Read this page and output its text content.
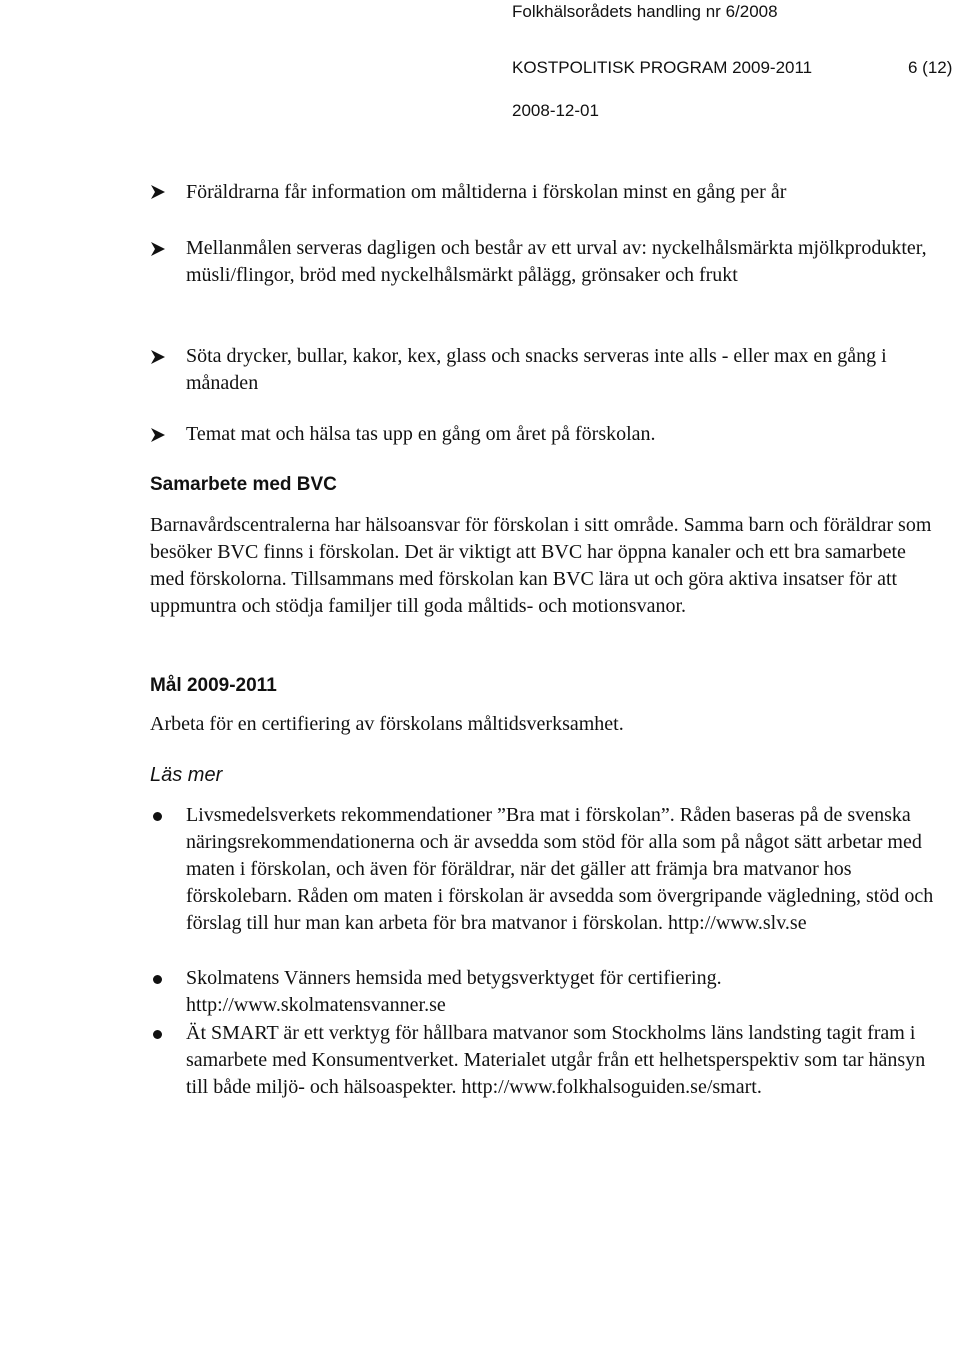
Folkhälsorådets handling nr 6/2008
KOSTPOLITISK PROGRAM 2009-2011	6 (12)
2008-12-01
Föräldrarna får information om måltiderna i förskolan minst en gång per år
Mellanmålen serveras dagligen och består av ett urval av: nyckelhålsmärkta mjölkprodukter, müsli/flingor, bröd med nyckelhålsmärkt pålägg, grönsaker och frukt
Söta drycker, bullar, kakor, kex, glass och snacks serveras inte alls - eller max en gång i månaden
Temat mat och hälsa tas upp en gång om året på förskolan.
Samarbete med BVC
Barnavårdscentralerna har hälsoansvar för förskolan i sitt område. Samma barn och föräldrar som besöker BVC finns i förskolan. Det är viktigt att BVC har öppna kanaler och ett bra samarbete med förskolorna. Tillsammans med förskolan kan BVC lära ut och göra aktiva insatser för att uppmuntra och stödja familjer till goda måltids- och motionsvanor.
Mål 2009-2011
Arbeta för en certifiering av förskolans måltidsverksamhet.
Läs mer
Livsmedelsverkets rekommendationer ”Bra mat i förskolan”. Råden baseras på de svenska näringsrekommendationerna och är avsedda som stöd för alla som på något sätt arbetar med maten i förskolan, och även för föräldrar, när det gäller att främja bra matvanor hos förskolebarn. Råden om maten i förskolan är avsedda som övergripande vägledning, stöd och förslag till hur man kan arbeta för bra matvanor i förskolan. http://www.slv.se
Skolmatens Vänners hemsida med betygsverktyget för certifiering. http://www.skolmatensvanner.se
Ät SMART är ett verktyg för hållbara matvanor som Stockholms läns landsting tagit fram i samarbete med Konsumentverket. Materialet utgår från ett helhetsperspektiv som tar hänsyn till både miljö- och hälsoaspekter. http://www.folkhalsoguiden.se/smart.
